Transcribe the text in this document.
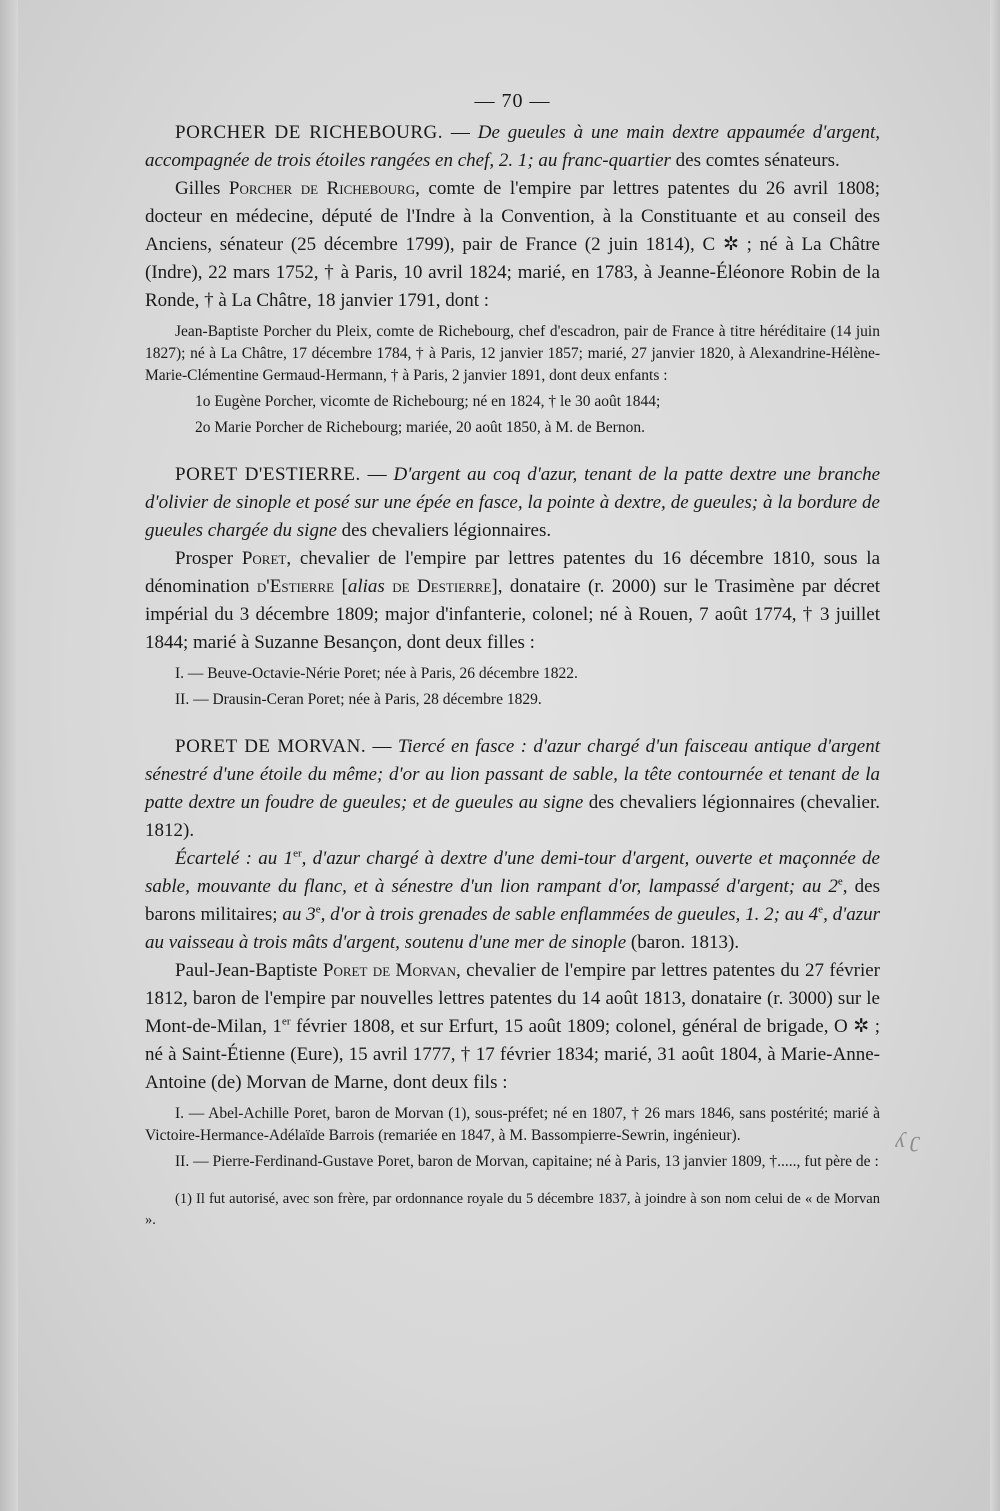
— 70 —

PORCHER DE RICHEBOURG. — De gueules à une main dextre appaumée d'argent, accompagnée de trois étoiles rangées en chef, 2. 1; au franc-quartier des comtes sénateurs.

Gilles Porcher de Richebourg, comte de l'empire par lettres patentes du 26 avril 1808; docteur en médecine, député de l'Indre à la Convention, à la Constituante et au conseil des Anciens, sénateur (25 décembre 1799), pair de France (2 juin 1814), C ✲ ; né à La Châtre (Indre), 22 mars 1752, † à Paris, 10 avril 1824; marié, en 1783, à Jeanne-Éléonore Robin de la Ronde, † à La Châtre, 18 janvier 1791, dont :

Jean-Baptiste Porcher du Pleix, comte de Richebourg, chef d'escadron, pair de France à titre héréditaire (14 juin 1827); né à La Châtre, 17 décembre 1784, † à Paris, 12 janvier 1857; marié, 27 janvier 1820, à Alexandrine-Hélène-Marie-Clémentine Germaud-Hermann, † à Paris, 2 janvier 1891, dont deux enfants :

1o Eugène Porcher, vicomte de Richebourg; né en 1824, † le 30 août 1844;

2o Marie Porcher de Richebourg; mariée, 20 août 1850, à M. de Bernon.

PORET D'ESTIERRE. — D'argent au coq d'azur, tenant de la patte dextre une branche d'olivier de sinople et posé sur une épée en fasce, la pointe à dextre, de gueules; à la bordure de gueules chargée du signe des chevaliers légionnaires.

Prosper Poret, chevalier de l'empire par lettres patentes du 16 décembre 1810, sous la dénomination d'Estierre [alias de Destierre], donataire (r. 2000) sur le Trasimène par décret impérial du 3 décembre 1809; major d'infanterie, colonel; né à Rouen, 7 août 1774, † 3 juillet 1844; marié à Suzanne Besançon, dont deux filles :

I. — Beuve-Octavie-Nérie Poret; née à Paris, 26 décembre 1822.

II. — Drausin-Ceran Poret; née à Paris, 28 décembre 1829.

PORET DE MORVAN. — Tiercé en fasce : d'azur chargé d'un faisceau antique d'argent sénestré d'une étoile du même; d'or au lion passant de sable, la tête contournée et tenant de la patte dextre un foudre de gueules; et de gueules au signe des chevaliers légionnaires (chevalier. 1812).

Écartelé : au 1er, d'azur chargé à dextre d'une demi-tour d'argent, ouverte et maçonnée de sable, mouvante du flanc, et à sénestre d'un lion rampant d'or, lampassé d'argent; au 2e, des barons militaires; au 3e, d'or à trois grenades de sable enflammées de gueules, 1. 2; au 4e, d'azur au vaisseau à trois mâts d'argent, soutenu d'une mer de sinople (baron. 1813).

Paul-Jean-Baptiste Poret de Morvan, chevalier de l'empire par lettres patentes du 27 février 1812, baron de l'empire par nouvelles lettres patentes du 14 août 1813, donataire (r. 3000) sur le Mont-de-Milan, 1er février 1808, et sur Erfurt, 15 août 1809; colonel, général de brigade, O ✲ ; né à Saint-Étienne (Eure), 15 avril 1777, † 17 février 1834; marié, 31 août 1804, à Marie-Anne-Antoine (de) Morvan de Marne, dont deux fils :

I. — Abel-Achille Poret, baron de Morvan (1), sous-préfet; né en 1807, † 26 mars 1846, sans postérité; marié à Victoire-Hermance-Adélaïde Barrois (remariée en 1847, à M. Bassompierre-Sewrin, ingénieur).

II. — Pierre-Ferdinand-Gustave Poret, baron de Morvan, capitaine; né à Paris, 13 janvier 1809, †....., fut père de :

(1) Il fut autorisé, avec son frère, par ordonnance royale du 5 décembre 1837, à joindre à son nom celui de « de Morvan ».

ʎ ʗ
